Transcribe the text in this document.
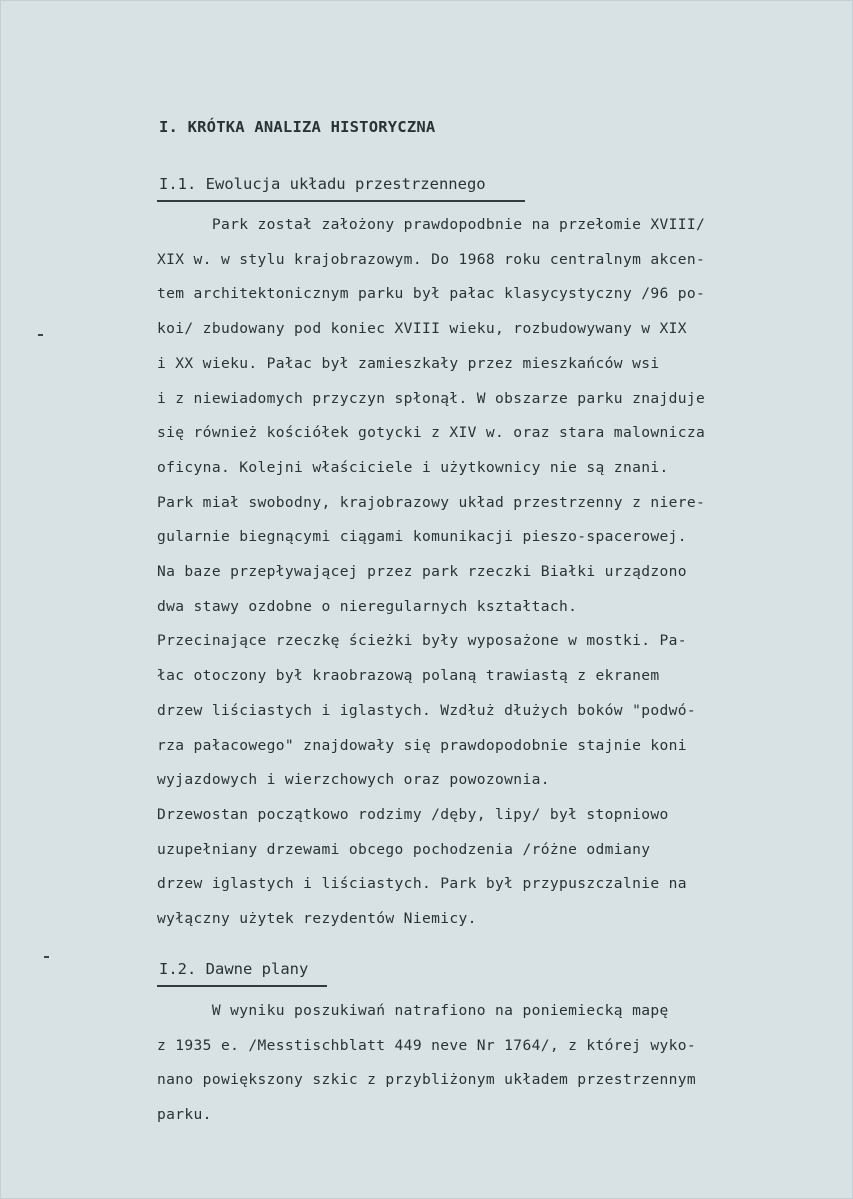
I. KRÓTKA ANALIZA HISTORYCZNA
I.1. Ewolucja układu przestrzennego
Park został założony prawdopodbnie na przełomie XVIII/
XIX w. w stylu krajobrazowym. Do 1968 roku centralnym akcen-
tem architektonicznym parku był pałac klasycystyczny /96 po-
koi/ zbudowany pod koniec XVIII wieku, rozbudowywany w XIX
i XX wieku. Pałac był zamieszkały przez mieszkańców wsi
i z niewiadomych przyczyn spłonął. W obszarze parku znajduje
się również kościółek gotycki z XIV w. oraz stara malownicza
oficyna. Kolejni właściciele i użytkownicy nie są znani.
Park miał swobodny, krajobrazowy układ przestrzenny z niere-
gularnie biegnącymi ciągami komunikacji pieszo-spacerowej.
Na baze przepływającej przez park rzeczki Białki urządzono
dwa stawy ozdobne o nieregularnych kształtach.
Przecinające rzeczkę ścieżki były wyposażone w mostki. Pa-
łac otoczony był kraobrazową polaną trawiastą z ekranem
drzew liściastych i iglastych. Wzdłuż dłużych boków "podwó-
rza pałacowego" znajdowały się prawdopodobnie stajnie koni
wyjazdowych i wierzchowych oraz powozownia.
Drzewostan początkowo rodzimy /dęby, lipy/ był stopniowo
uzupełniany drzewami obcego pochodzenia /różne odmiany
drzew iglastych i liściastych. Park był przypuszczalnie na
wyłączny użytek rezydentów Niemicy.
I.2. Dawne plany
W wyniku poszukiwań natrafiono na poniemiecką mapę
z 1935 e. /Messtischblatt 449 neve Nr 1764/, z której wyko-
nano powiększony szkic z przybliżonym układem przestrzennym
parku.
